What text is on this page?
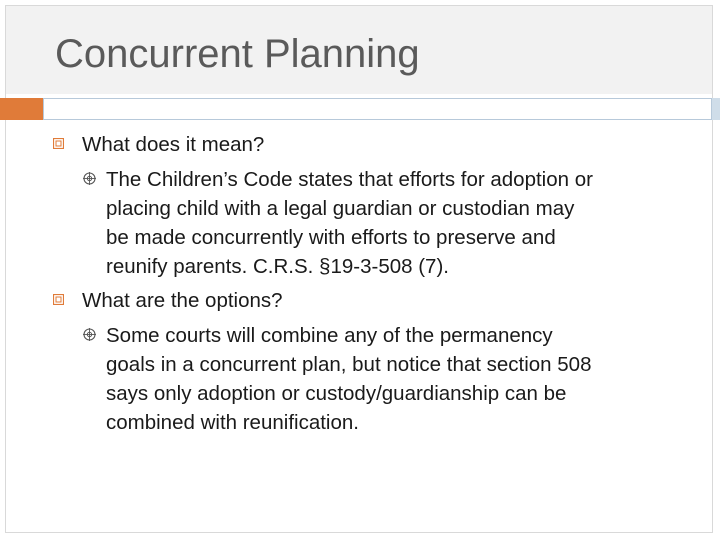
Concurrent Planning
What does it mean?
The Children’s Code states that efforts for adoption or
placing child with a legal guardian or custodian may
be made concurrently with efforts to preserve and
reunify parents. C.R.S. §19-3-508 (7).
What are the options?
Some courts will combine any of the permanency
goals in a concurrent plan, but notice that section 508
says only adoption or custody/guardianship can be
combined with reunification.
